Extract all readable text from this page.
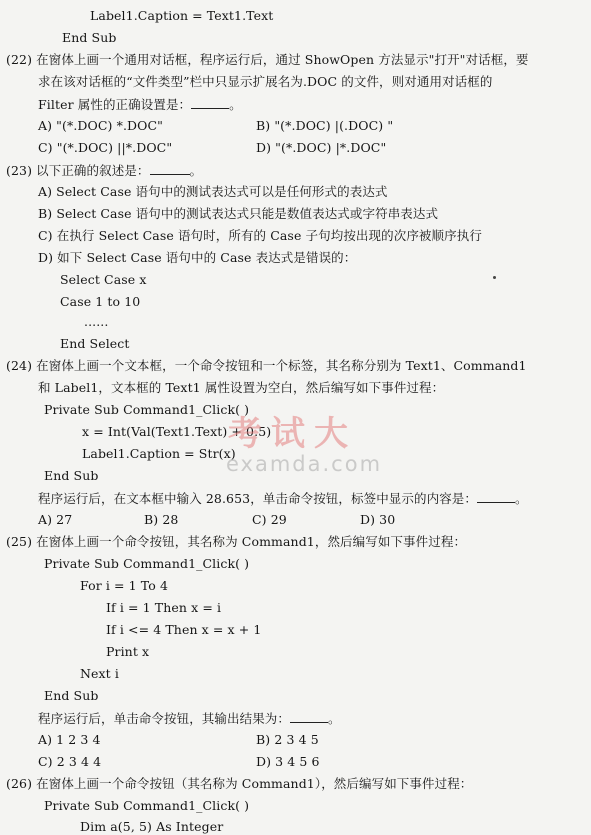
Label1.Caption = Text1.Text
End Sub
(22) 在窗体上画一个通用对话框，程序运行后，通过 ShowOpen 方法显示"打开"对话框，要
求在该对话框的“文件类型”栏中只显示扩展名为.DOC 的文件，则对通用对话框的
Filter 属性的正确设置是：	。
A) "(*.DOC) *.DOC"	B) "(*.DOC) |(.DOC) "
C) "(*.DOC) ||*.DOC"	D) "(*.DOC) |*.DOC"
(23) 以下正确的叙述是：	。
A) Select Case 语句中的测试表达式可以是任何形式的表达式
B) Select Case 语句中的测试表达式只能是数值表达式或字符串表达式
C) 在执行 Select Case 语句时，所有的 Case 子句均按出现的次序被顺序执行
D) 如下 Select Case 语句中的 Case 表达式是错误的：
Select Case x
Case 1 to 10
......
End Select
(24) 在窗体上画一个文本框，一个命令按钮和一个标签，其名称分别为 Text1、Command1
和 Label1，文本框的 Text1 属性设置为空白，然后编写如下事件过程：
Private Sub Command1_Click( )
x = Int(Val(Text1.Text) + 0.5)
Label1.Caption = Str(x)
End Sub
程序运行后，在文本框中输入 28.653，单击命令按钮，标签中显示的内容是：	。
A) 27	B) 28	C) 29	D) 30
(25) 在窗体上画一个命令按钮，其名称为 Command1，然后编写如下事件过程：
Private Sub Command1_Click( )
For i = 1 To 4
If i = 1 Then x = i
If i <= 4 Then x = x + 1
Print x
Next i
End Sub
程序运行后，单击命令按钮，其输出结果为：	。
A) 1 2 3 4	B) 2 3 4 5
C) 2 3 4 4	D) 3 4 5 6
(26) 在窗体上画一个命令按钮（其名称为 Command1），然后编写如下事件过程：
Private Sub Command1_Click( )
Dim a(5, 5) As Integer
考试大
examda.com
